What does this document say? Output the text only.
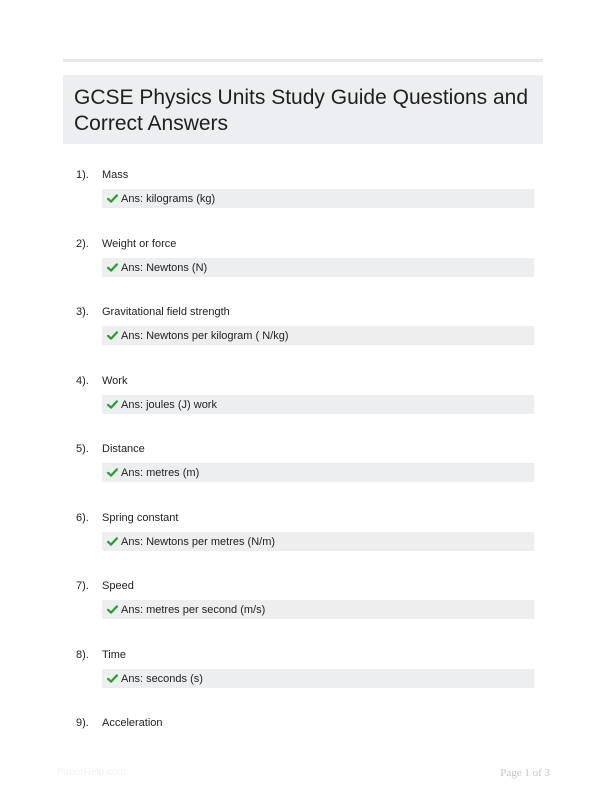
GCSE Physics Units Study Guide Questions and Correct Answers
1). Mass
Ans: kilograms (kg)
2). Weight or force
Ans: Newtons (N)
3). Gravitational field strength
Ans: Newtons per kilogram ( N/kg)
4). Work
Ans: joules (J) work
5). Distance
Ans: metres (m)
6). Spring constant
Ans: Newtons per metres (N/m)
7). Speed
Ans: metres per second (m/s)
8). Time
Ans: seconds (s)
9). Acceleration
PaperHelp.com	Page 1 of 3
